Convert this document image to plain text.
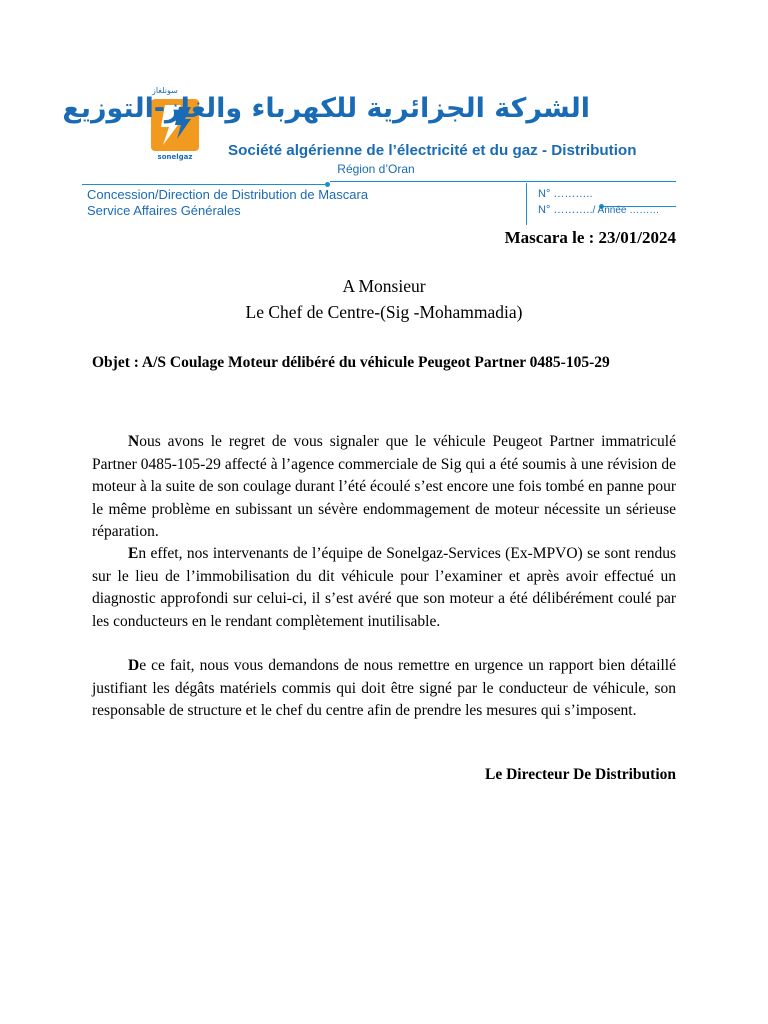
سونلغاز
sonelgaz
الشركة الجزائرية للكهرباء والغاز-التوزيع
Société algérienne de l’électricité et du gaz - Distribution
Région d’Oran
Concession/Direction de Distribution de Mascara
Service Affaires Générales
N° ………..
N° ………../ Année ………
Mascara le : 23/01/2024
A Monsieur
Le Chef de Centre-(Sig -Mohammadia)
Objet : A/S Coulage Moteur délibéré du véhicule Peugeot Partner 0485-105-29
Nous avons le regret de vous signaler que le véhicule Peugeot Partner immatriculé Partner 0485-105-29 affecté à l’agence commerciale de Sig qui a été soumis à une révision de moteur à la suite de son coulage durant l’été écoulé s’est encore une fois tombé en panne pour le même problème en subissant un sévère endommagement de moteur nécessite un sérieuse réparation.
En effet, nos intervenants de l’équipe de Sonelgaz-Services (Ex-MPVO) se sont rendus sur le lieu de l’immobilisation du dit véhicule pour l’examiner et après avoir effectué un diagnostic approfondi sur celui-ci, il s’est avéré que son moteur a été délibérément coulé par les conducteurs en le rendant complètement inutilisable.
De ce fait, nous vous demandons de nous remettre en urgence un rapport bien détaillé justifiant les dégâts matériels commis qui doit être signé par le conducteur de véhicule, son responsable de structure et le chef du centre afin de prendre les mesures qui s’imposent.
Le Directeur De Distribution
